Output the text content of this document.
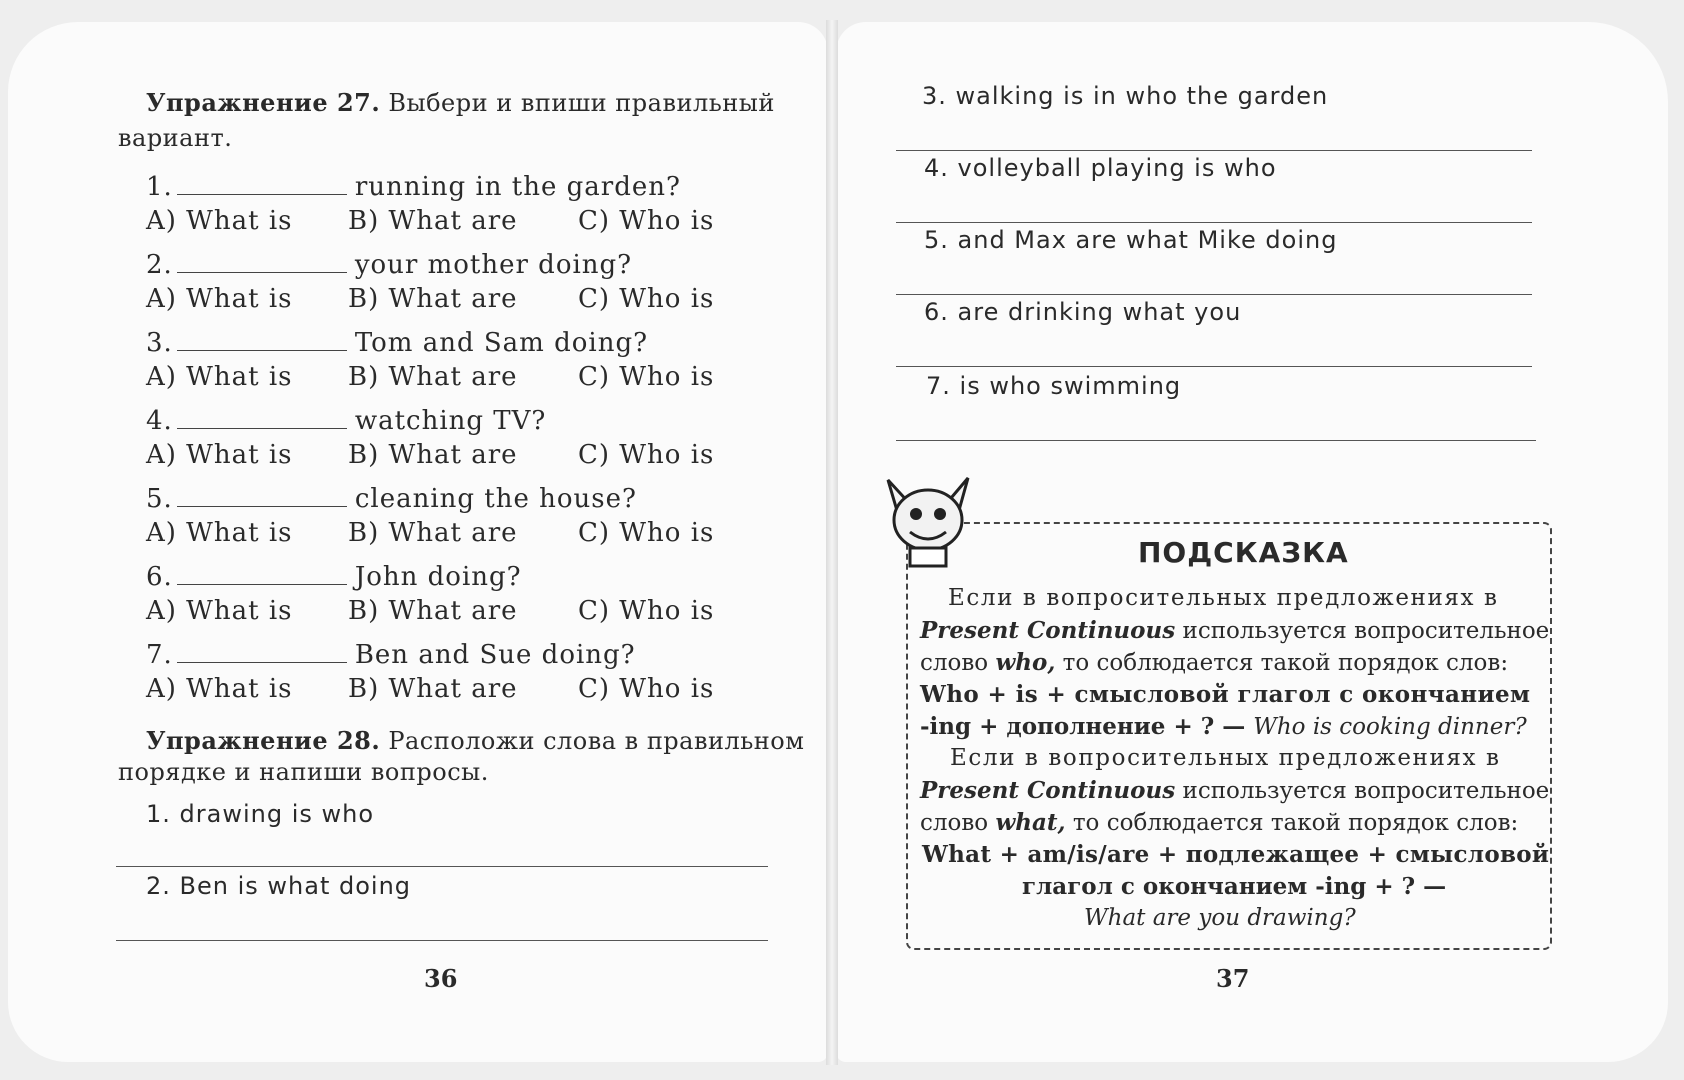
Упражнение 27. Выбери и впиши правильный
вариант.
1.	running in the garden?
A) What is B) What are C) Who is
2.	your mother doing?
A) What is B) What are C) Who is
3.	Tom and Sam doing?
A) What is B) What are C) Who is
4.	watching TV?
A) What is B) What are C) Who is
5.	cleaning the house?
A) What is B) What are C) Who is
6.	John doing?
A) What is B) What are C) Who is
7.	Ben and Sue doing?
A) What is B) What are C) Who is
Упражнение 28. Расположи слова в правильном
порядке и напиши вопросы.
1. drawing is who
2. Ben is what doing
36
3. walking is in who the garden
4. volleyball playing is who
5. and Max are what Mike doing
6. are drinking what you
7. is who swimming
ПОДСКАЗКА
Если в вопросительных предложениях в
Present Continuous используется вопросительное
слово who, то соблюдается такой порядок слов:
Who + is + смысловой глагол с окончанием
-ing + дополнение + ? — Who is cooking dinner?
Если в вопросительных предложениях в
Present Continuous используется вопросительное
слово what, то соблюдается такой порядок слов:
What + am/is/are + подлежащее + смысловой
глагол с окончанием -ing + ? —
What are you drawing?
37
